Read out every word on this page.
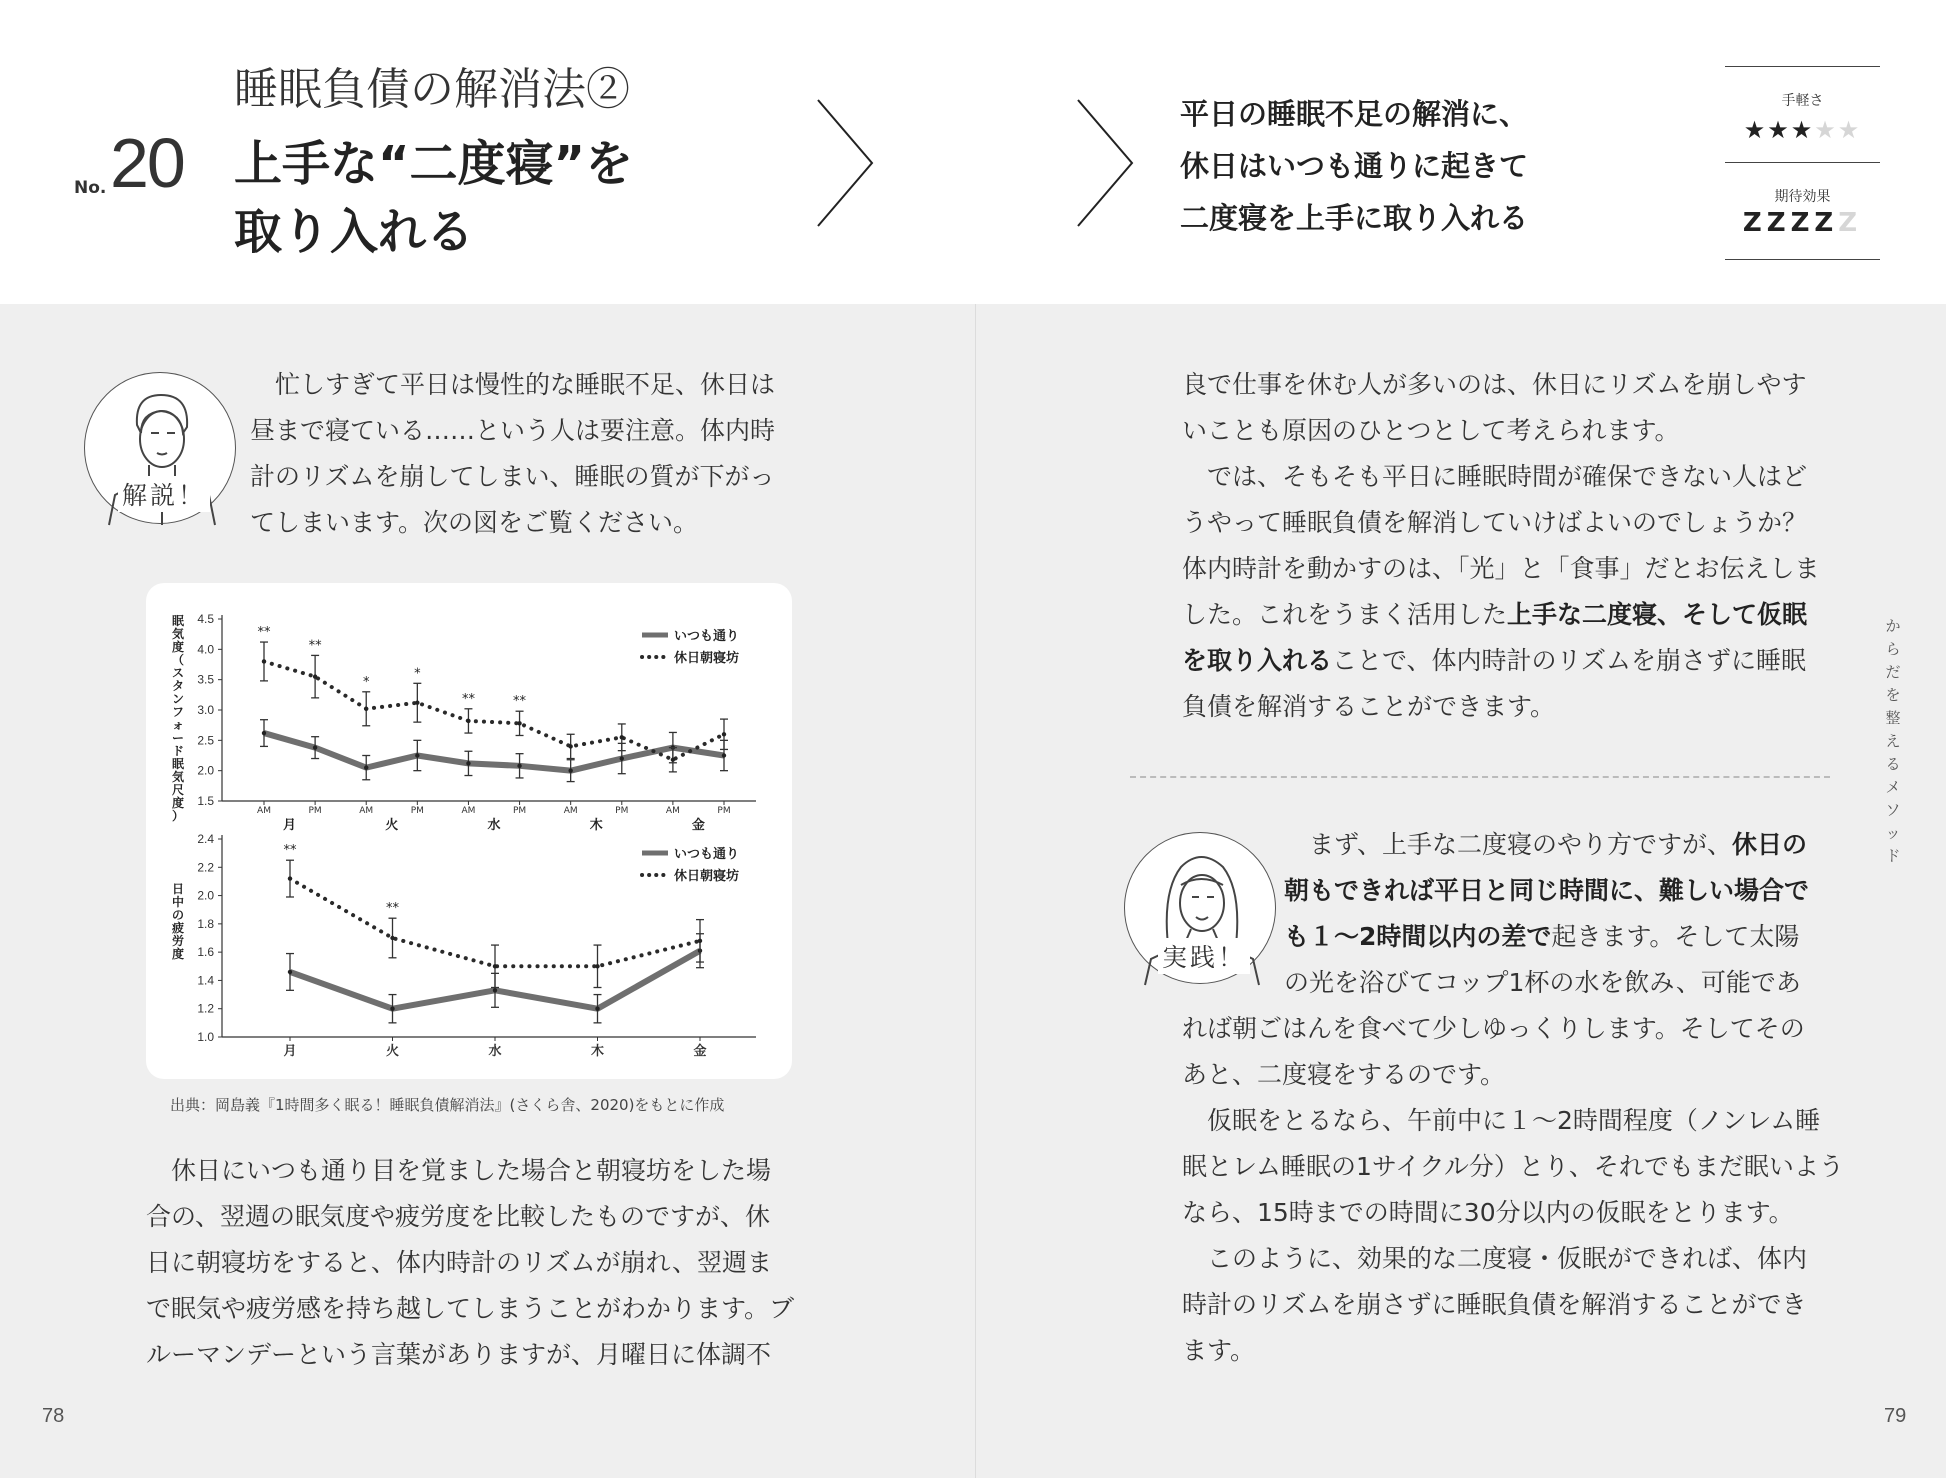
No. 20
睡眠負債の解消法②
上手な“二度寝”を
取り入れる
平日の睡眠不足の解消に、
休日はいつも通りに起きて
二度寝を上手に取り入れる
手軽さ
★★★★★
期待効果
ZZZZZ
解説！
忙しすぎて平日は慢性的な睡眠不足、休日は
昼まで寝ている……という人は要注意。体内時
計のリズムを崩してしまい、睡眠の質が下がっ
てしまいます。次の図をご覧ください。
1.5
2.0
2.5
3.0
3.5
4.0
4.5
眠
気
度
（
ス
タ
ン
フ
ォ
ー
ド
眠
気
尺
度
）	AM	PM	AM	PM	AM	PM	AM	PM	AM	PM
月	火	水	木	金
**
**
*
*
**	**
いつも通り
休日朝寝坊
1.0
1.2
1.4
1.6
1.8
2.0
2.2
2.4
日
中
の
疲
労
度
月	火	水	木	金
**
**
いつも通り
休日朝寝坊
出典：岡島義『1時間多く眠る！睡眠負債解消法』(さくら舎、2020)をもとに作成
休日にいつも通り目を覚ました場合と朝寝坊をした場
合の、翌週の眠気度や疲労度を比較したものですが、休
日に朝寝坊をすると、体内時計のリズムが崩れ、翌週ま
で眠気や疲労感を持ち越してしまうことがわかります。ブ
ルーマンデーという言葉がありますが、月曜日に体調不
78
良で仕事を休む人が多いのは、休日にリズムを崩しやす
いことも原因のひとつとして考えられます。
　では、そもそも平日に睡眠時間が確保できない人はど
うやって睡眠負債を解消していけばよいのでしょうか？
体内時計を動かすのは、「光」と「食事」だとお伝えしま
した。これをうまく活用した上手な二度寝、そして仮眠
を取り入れることで、体内時計のリズムを崩さずに睡眠
負債を解消することができます。
実践！
　まず、上手な二度寝のやり方ですが、休日の
朝もできれば平日と同じ時間に、難しい場合で
も１～2時間以内の差で起きます。そして太陽
の光を浴びてコップ1杯の水を飲み、可能であ
れば朝ごはんを食べて少しゆっくりします。そしてその
あと、二度寝をするのです。
　仮眠をとるなら、午前中に１～2時間程度（ノンレム睡
眠とレム睡眠の1サイクル分）とり、それでもまだ眠いよう
なら、15時までの時間に30分以内の仮眠をとります。
　このように、効果的な二度寝・仮眠ができれば、体内
時計のリズムを崩さずに睡眠負債を解消することができ
ます。
からだを整えるメソッド
79
